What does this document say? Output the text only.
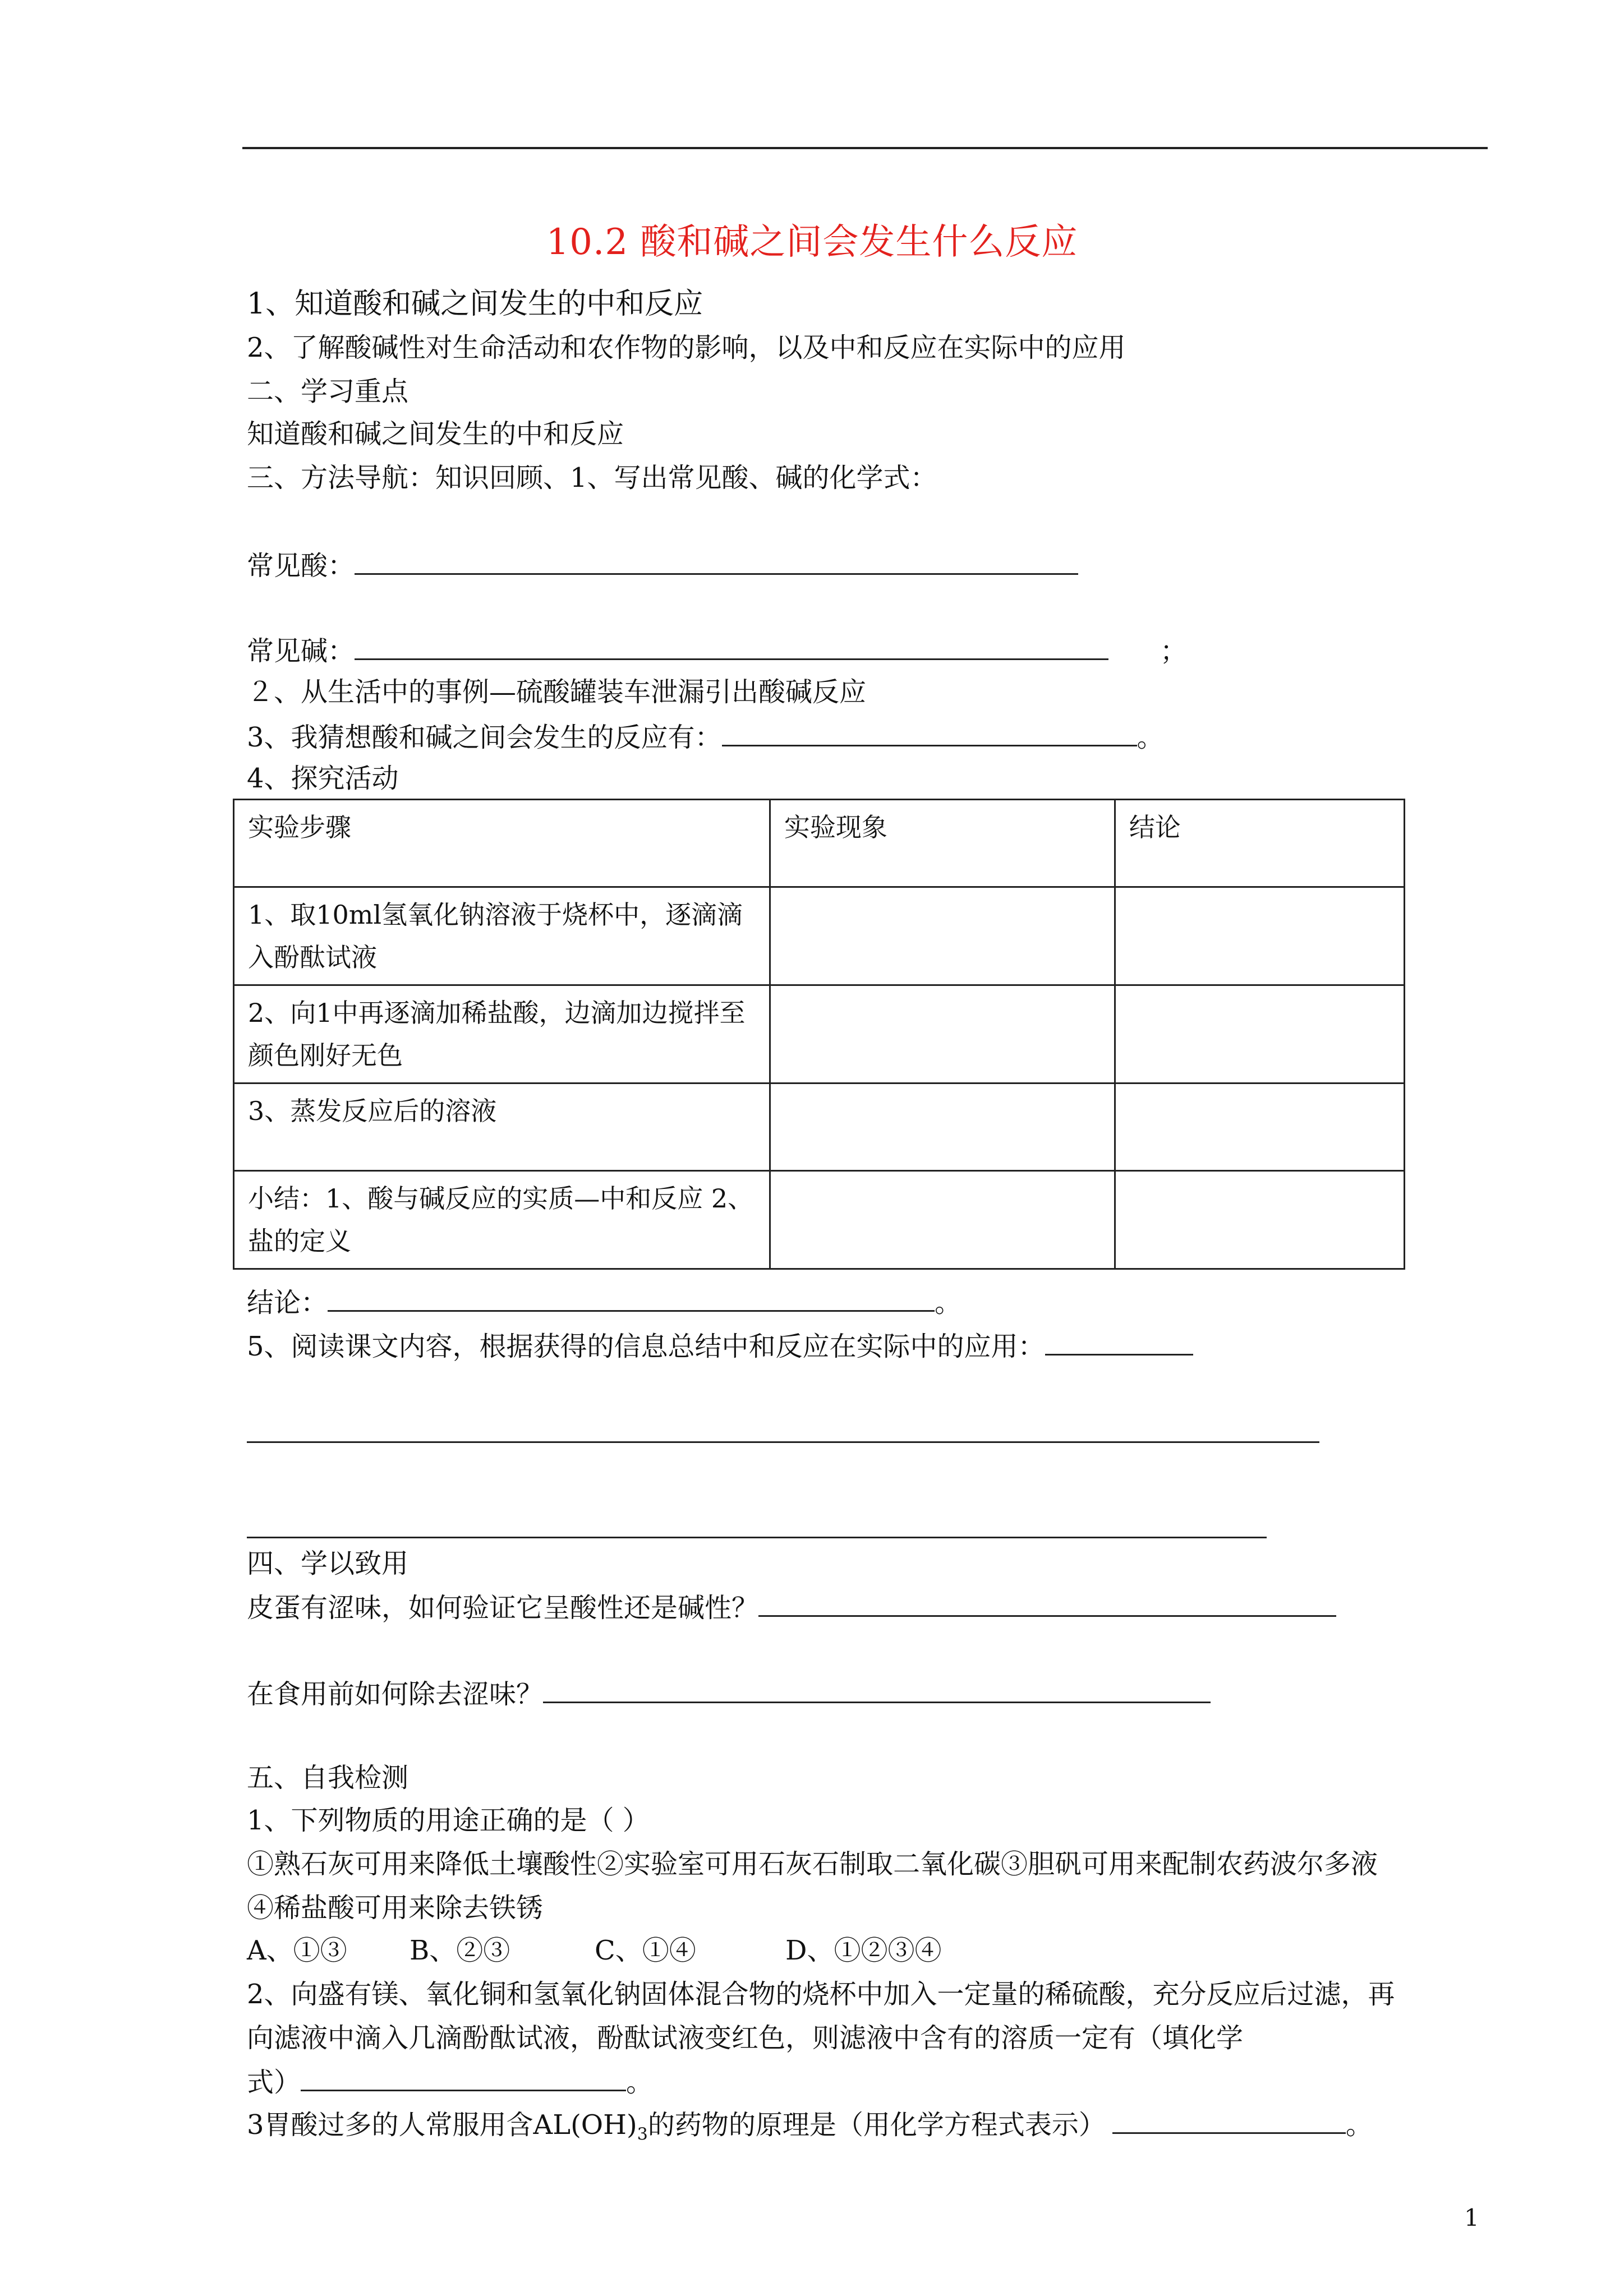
10.2 酸和碱之间会发生什么反应
1、知道酸和碱之间发生的中和反应
2、了解酸碱性对生命活动和农作物的影响，以及中和反应在实际中的应用
二、学习重点
知道酸和碱之间发生的中和反应
三、方法导航：知识回顾、1、写出常见酸、碱的化学式：
常见酸：
常见碱：	；
２、从生活中的事例—硫酸罐装车泄漏引出酸碱反应
3、我猜想酸和碱之间会发生的反应有：	。
4、探究活动
实验步骤	实验现象	结论
1、取10ml氢氧化钠溶液于烧杯中，逐滴滴入酚酞试液		
2、向1中再逐滴加稀盐酸，边滴加边搅拌至颜色刚好无色		
3、蒸发反应后的溶液		
小结：1、酸与碱反应的实质—中和反应 2、盐的定义		
结论：	。
5、阅读课文内容，根据获得的信息总结中和反应在实际中的应用：
四、学以致用
皮蛋有涩味，如何验证它呈酸性还是碱性？
在食用前如何除去涩味？
五、自我检测
1、下列物质的用途正确的是（ ）
①熟石灰可用来降低土壤酸性②实验室可用石灰石制取二氧化碳③胆矾可用来配制农药波尔多液
④稀盐酸可用来除去铁锈
A、①③ B、②③	C、①④	D、①②③④
2、向盛有镁、氧化铜和氢氧化钠固体混合物的烧杯中加入一定量的稀硫酸，充分反应后过滤，再
向滤液中滴入几滴酚酞试液，酚酞试液变红色，则滤液中含有的溶质一定有（填化学
式）	。
3胃酸过多的人常服用含$AL(OH)_3$的药物的原理是（用化学方程式表示）	。
1
